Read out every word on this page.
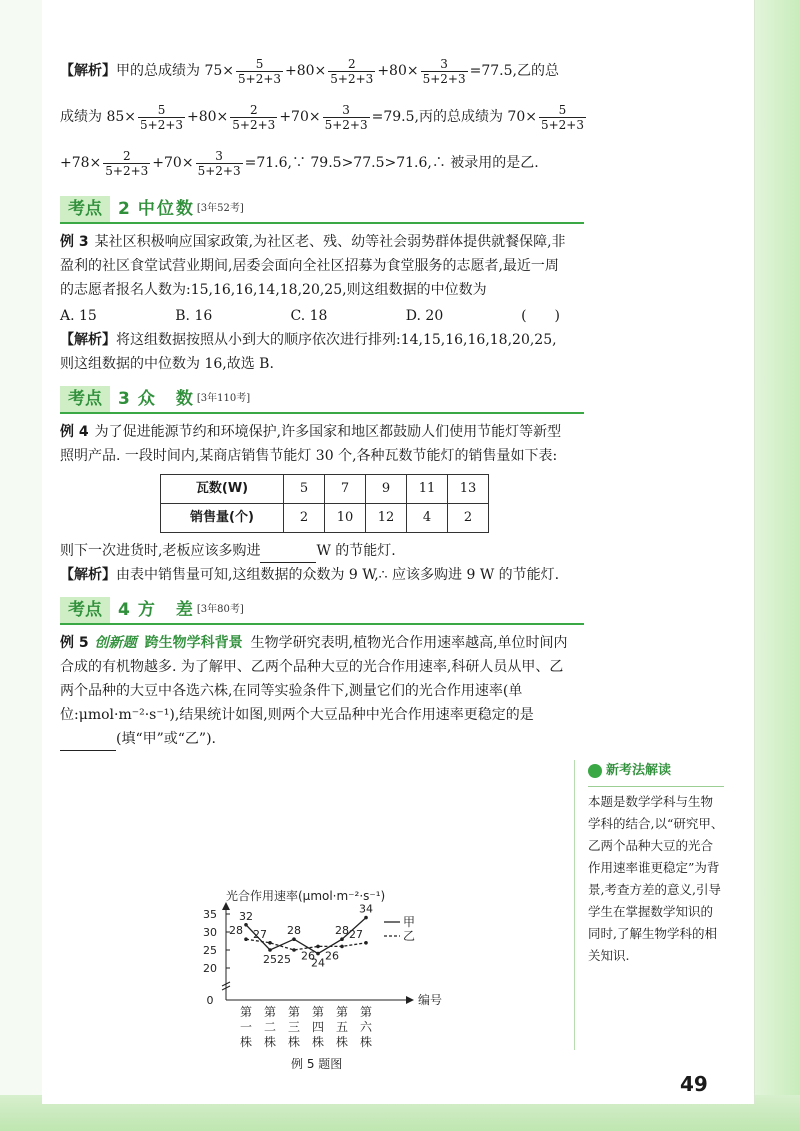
【解析】 甲的总成绩为 $75\times \frac{5}{5+2+3} +80\times \frac{2}{5+2+3} +80\times \frac{3}{5+2+3} =77.5$,乙的总
成绩为 $85\times \frac{5}{5+2+3} +80\times \frac{2}{5+2+3} +70\times \frac{3}{5+2+3} =79.5$,丙的总成绩为 $70\times \frac{5}{5+2+3}$
$+78\times \frac{2}{5+2+3} +70\times \frac{3}{5+2+3}$ =71.6,∵ 79.5>77.5>71.6,∴ 被录用的是乙.
考点 2 中位数 [3年52考]

例 3 某社区积极响应国家政策,为社区老、残、幼等社会弱势群体提供就餐保障,非盈利的社区食堂试营业期间,居委会面向全社区招募为食堂服务的志愿者,最近一周的志愿者报名人数为:15,16,16,14,18,20,25,则这组数据的中位数为

A. 15	B. 16	C. 18	D. 20	(　　)

【解析】将这组数据按照从小到大的顺序依次进行排列:14,15,16,16,18,20,25,则这组数据的中位数为 16,故选 B.

考点 3 众　数 [3年110考]

例 4 为了促进能源节约和环境保护,许多国家和地区都鼓励人们使用节能灯等新型照明产品. 一段时间内,某商店销售节能灯 30 个,各种瓦数节能灯的销售量如下表:

瓦数(W)	5	7	9	11	13
销售量(个)	2	10	12	4	2

则下一次进货时,老板应该多购进	W 的节能灯.

【解析】由表中销售量可知,这组数据的众数为 9 W,∴ 应该多购进 9 W 的节能灯.

考点 4 方　差 [3年80考]

例 5 创新题 跨生物学科背景 生物学研究表明,植物光合作用速率越高,单位时间内合成的有机物越多. 为了解甲、乙两个品种大豆的光合作用速率,科研人员从甲、乙两个品种的大豆中各选六株,在同等实验条件下,测量它们的光合作用速率(单位:μmol·m⁻²·s⁻¹),结果统计如图,则两个大豆品种中光合作用速率更稳定的是(填“甲”或“乙”).

光合作用速率(μmol·m⁻²·s⁻¹)
35
30
25
20
0
32
25
28
24
28
34
28 27
25 26 26
27
第一株
第二株
第三株
第四株
第五株
第六株
编号
甲
乙
例 5 题图
新考法解读
本题是数学学科与生物学科的结合,以“研究甲、乙两个品种大豆的光合作用速率谁更稳定”为背景,考查方差的意义,引导学生在掌握数学知识的同时,了解生物学科的相关知识.
49
